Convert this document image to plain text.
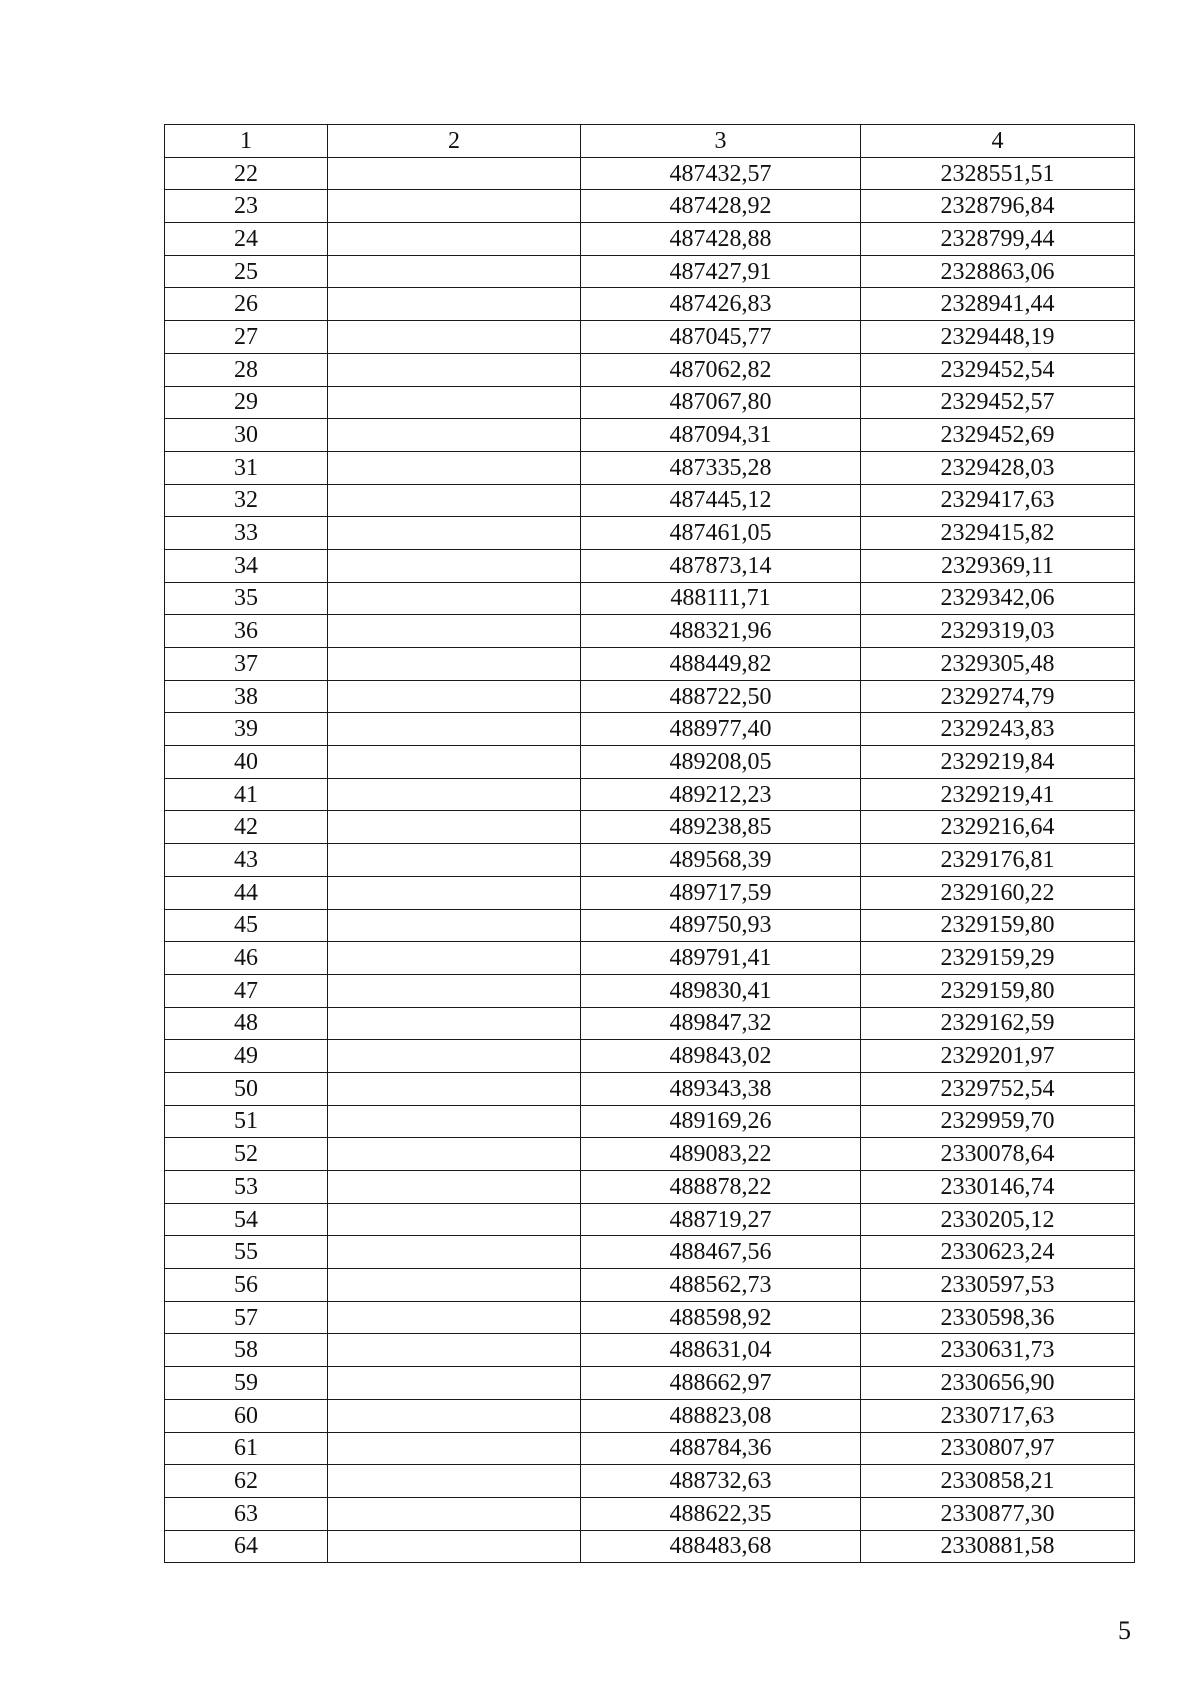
1	2	3	4
22		487432,57	2328551,51
23		487428,92	2328796,84
24		487428,88	2328799,44
25		487427,91	2328863,06
26		487426,83	2328941,44
27		487045,77	2329448,19
28		487062,82	2329452,54
29		487067,80	2329452,57
30		487094,31	2329452,69
31		487335,28	2329428,03
32		487445,12	2329417,63
33		487461,05	2329415,82
34		487873,14	2329369,11
35		488111,71	2329342,06
36		488321,96	2329319,03
37		488449,82	2329305,48
38		488722,50	2329274,79
39		488977,40	2329243,83
40		489208,05	2329219,84
41		489212,23	2329219,41
42		489238,85	2329216,64
43		489568,39	2329176,81
44		489717,59	2329160,22
45		489750,93	2329159,80
46		489791,41	2329159,29
47		489830,41	2329159,80
48		489847,32	2329162,59
49		489843,02	2329201,97
50		489343,38	2329752,54
51		489169,26	2329959,70
52		489083,22	2330078,64
53		488878,22	2330146,74
54		488719,27	2330205,12
55		488467,56	2330623,24
56		488562,73	2330597,53
57		488598,92	2330598,36
58		488631,04	2330631,73
59		488662,97	2330656,90
60		488823,08	2330717,63
61		488784,36	2330807,97
62		488732,63	2330858,21
63		488622,35	2330877,30
64		488483,68	2330881,58
5
